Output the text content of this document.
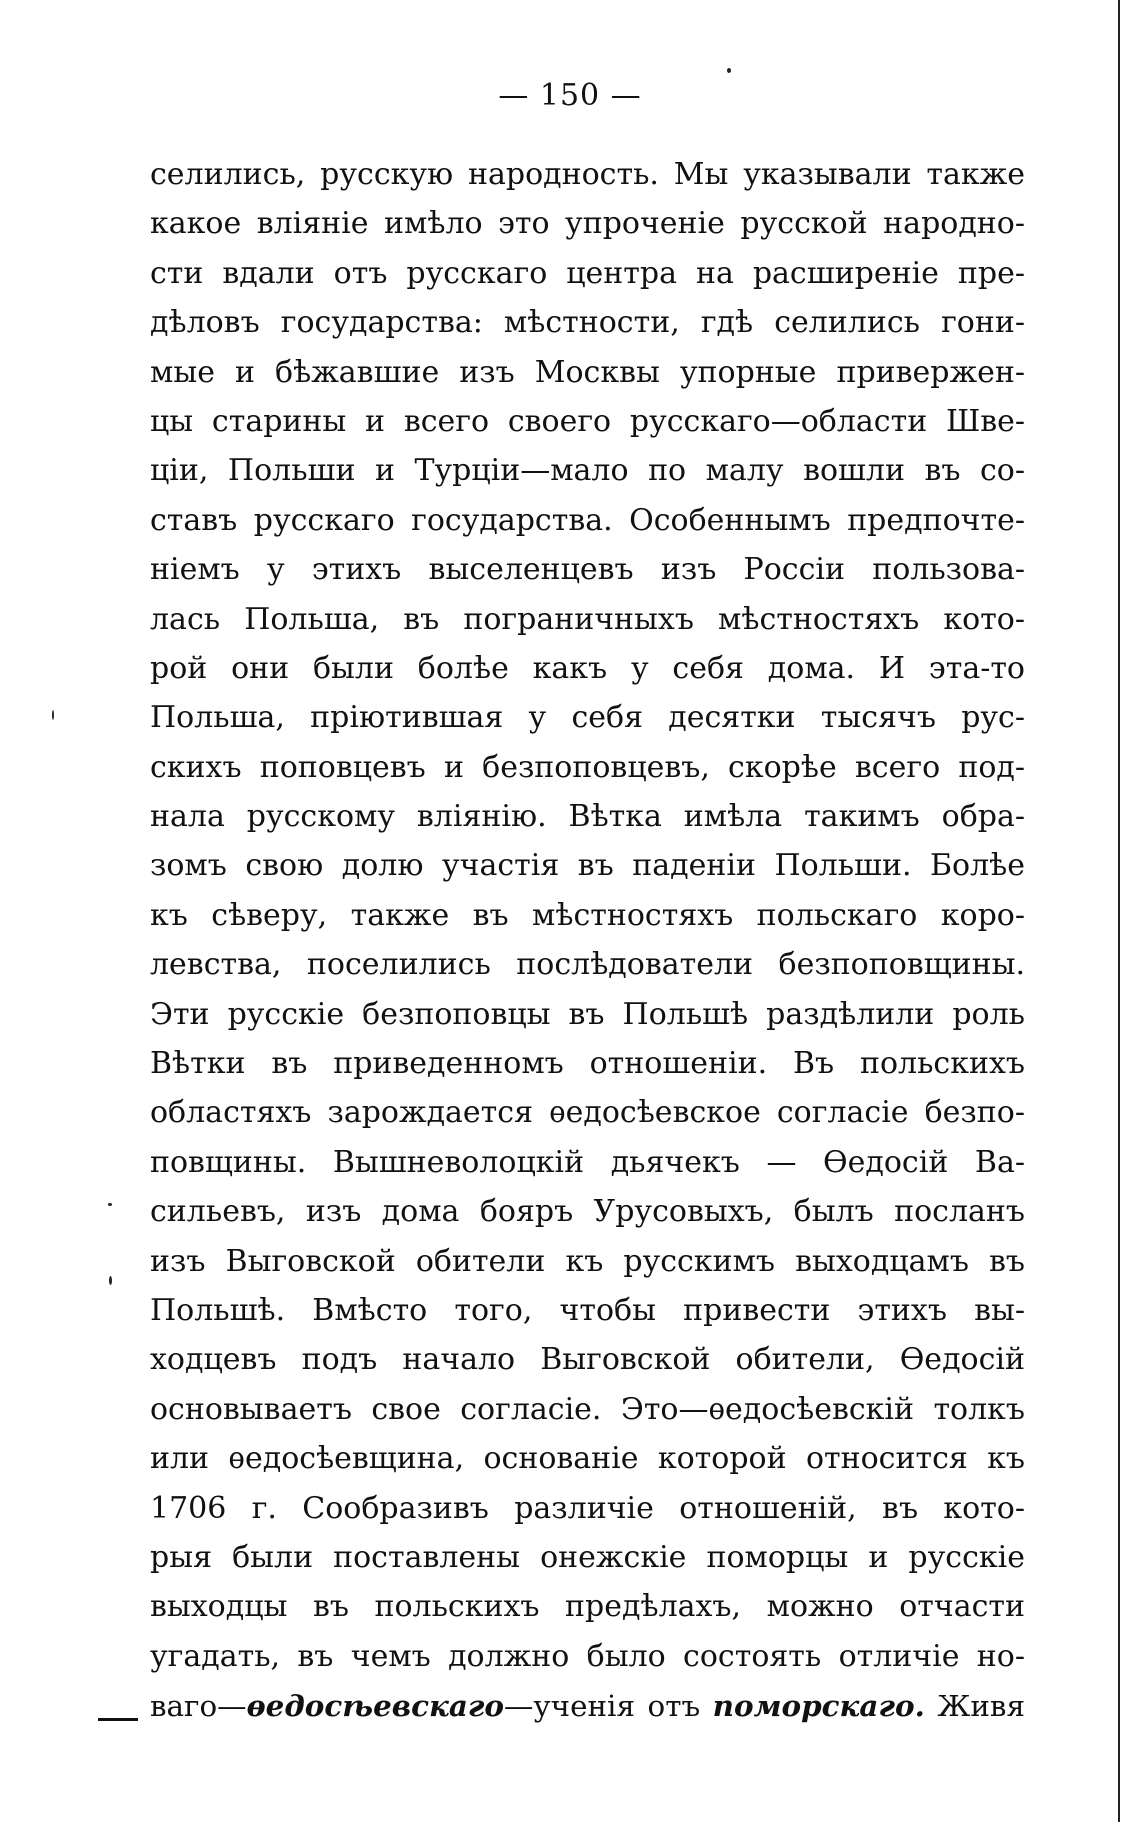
— 150 —
селились, русскую народность. Мы указывали также
какое влiянiе имѣло это упроченiе русской народно-
сти вдали отъ русскаго центра на расширенiе пре-
дѣловъ государства: мѣстности, гдѣ селились гони-
мые и бѣжавшие изъ Москвы упорные привержен-
цы старины и всего своего русскаго—области Шве-
цiи, Польши и Турцiи—мало по малу вошли въ со-
ставъ русскаго государства. Особеннымъ предпочте-
нiемъ у этихъ выселенцевъ изъ Россiи пользова-
лась Польша, въ пограничныхъ мѣстностяхъ кото-
рой они были болѣе какъ у себя дома. И эта-то
Польша, прiютившая у себя десятки тысячъ рус-
скихъ поповцевъ и безпоповцевъ, скорѣе всего под-
нала русскому влiянiю. Вѣтка имѣла такимъ обра-
зомъ свою долю участiя въ паденiи Польши. Болѣе
къ сѣверу, также въ мѣстностяхъ польскаго коро-
левства, поселились послѣдователи безпоповщины.
Эти русскiе безпоповцы въ Польшѣ раздѣлили роль
Вѣтки въ приведенномъ отношенiи. Въ польскихъ
областяхъ зарождается ѳедосѣевское согласiе безпо-
повщины. Вышневолоцкiй дьячекъ — Ѳедосiй Ва-
сильевъ, изъ дома бояръ Урусовыхъ, былъ посланъ
изъ Выговской обители къ русскимъ выходцамъ въ
Польшѣ. Вмѣсто того, чтобы привести этихъ вы-
ходцевъ подъ начало Выговской обители, Ѳедосiй
основываетъ свое согласiе. Это—ѳедосѣевскiй толкъ
или ѳедосѣевщина, основанiе которой относится къ
1706 г. Сообразивъ различiе отношенiй, въ кото-
рыя были поставлены онежскiе поморцы и русскiе
выходцы въ польскихъ предѣлахъ, можно отчасти
угадать, въ чемъ должно было состоять отличiе но-
ваго—ѳедосѣевскаго—ученiя отъ поморскаго. Живя
